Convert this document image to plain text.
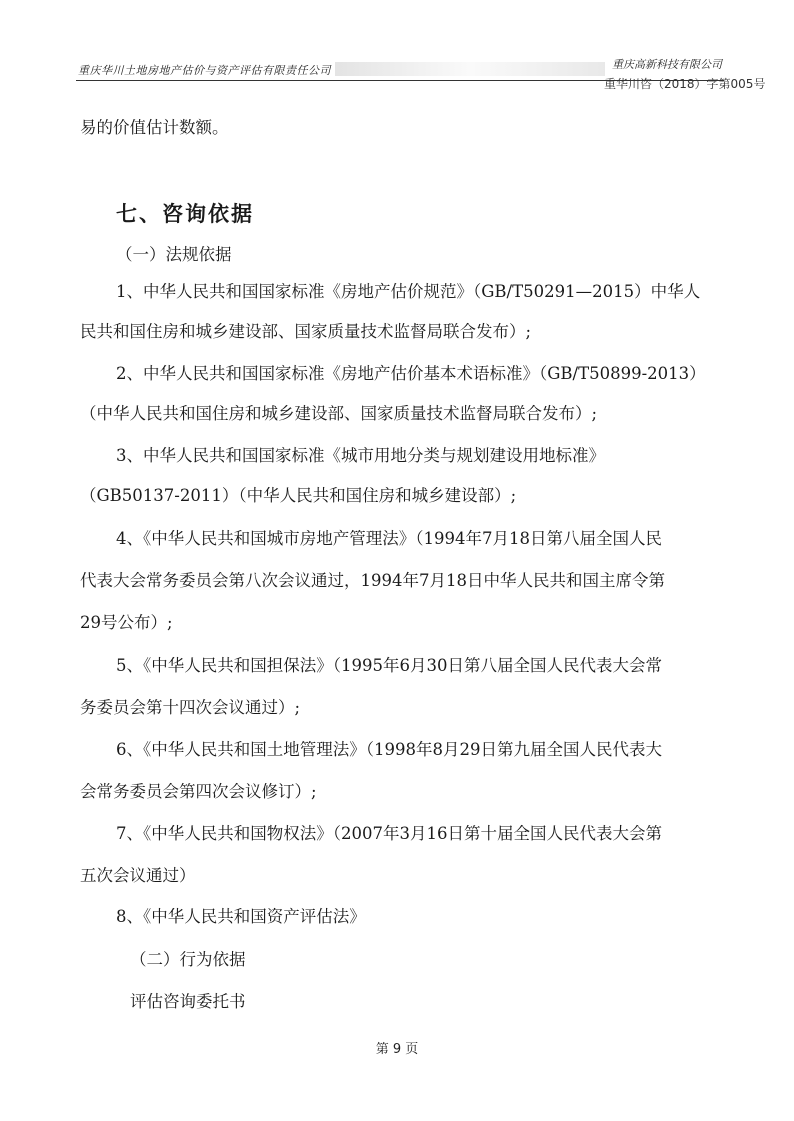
重庆华川土地房地产估价与资产评估有限责任公司	重庆高新科技有限公司
重华川咨（2018）字第005号
易的价值估计数额。
七、咨询依据
（一）法规依据
1、中华人民共和国国家标准《房地产估价规范》（GB/T50291—2015）中华人
民共和国住房和城乡建设部、国家质量技术监督局联合发布）;
2、中华人民共和国国家标准《房地产估价基本术语标准》（GB/T50899-2013）
（中华人民共和国住房和城乡建设部、国家质量技术监督局联合发布）;
3、中华人民共和国国家标准《城市用地分类与规划建设用地标准》
（GB50137-2011）（中华人民共和国住房和城乡建设部）;
4、《中华人民共和国城市房地产管理法》（1994年7月18日第八届全国人民
代表大会常务委员会第八次会议通过，1994年7月18日中华人民共和国主席令第
29号公布）;
5、《中华人民共和国担保法》（1995年6月30日第八届全国人民代表大会常
务委员会第十四次会议通过）;
6、《中华人民共和国土地管理法》（1998年8月29日第九届全国人民代表大
会常务委员会第四次会议修订）;
7、《中华人民共和国物权法》（2007年3月16日第十届全国人民代表大会第
五次会议通过）
8、《中华人民共和国资产评估法》
（二）行为依据
评估咨询委托书
第 9 页
